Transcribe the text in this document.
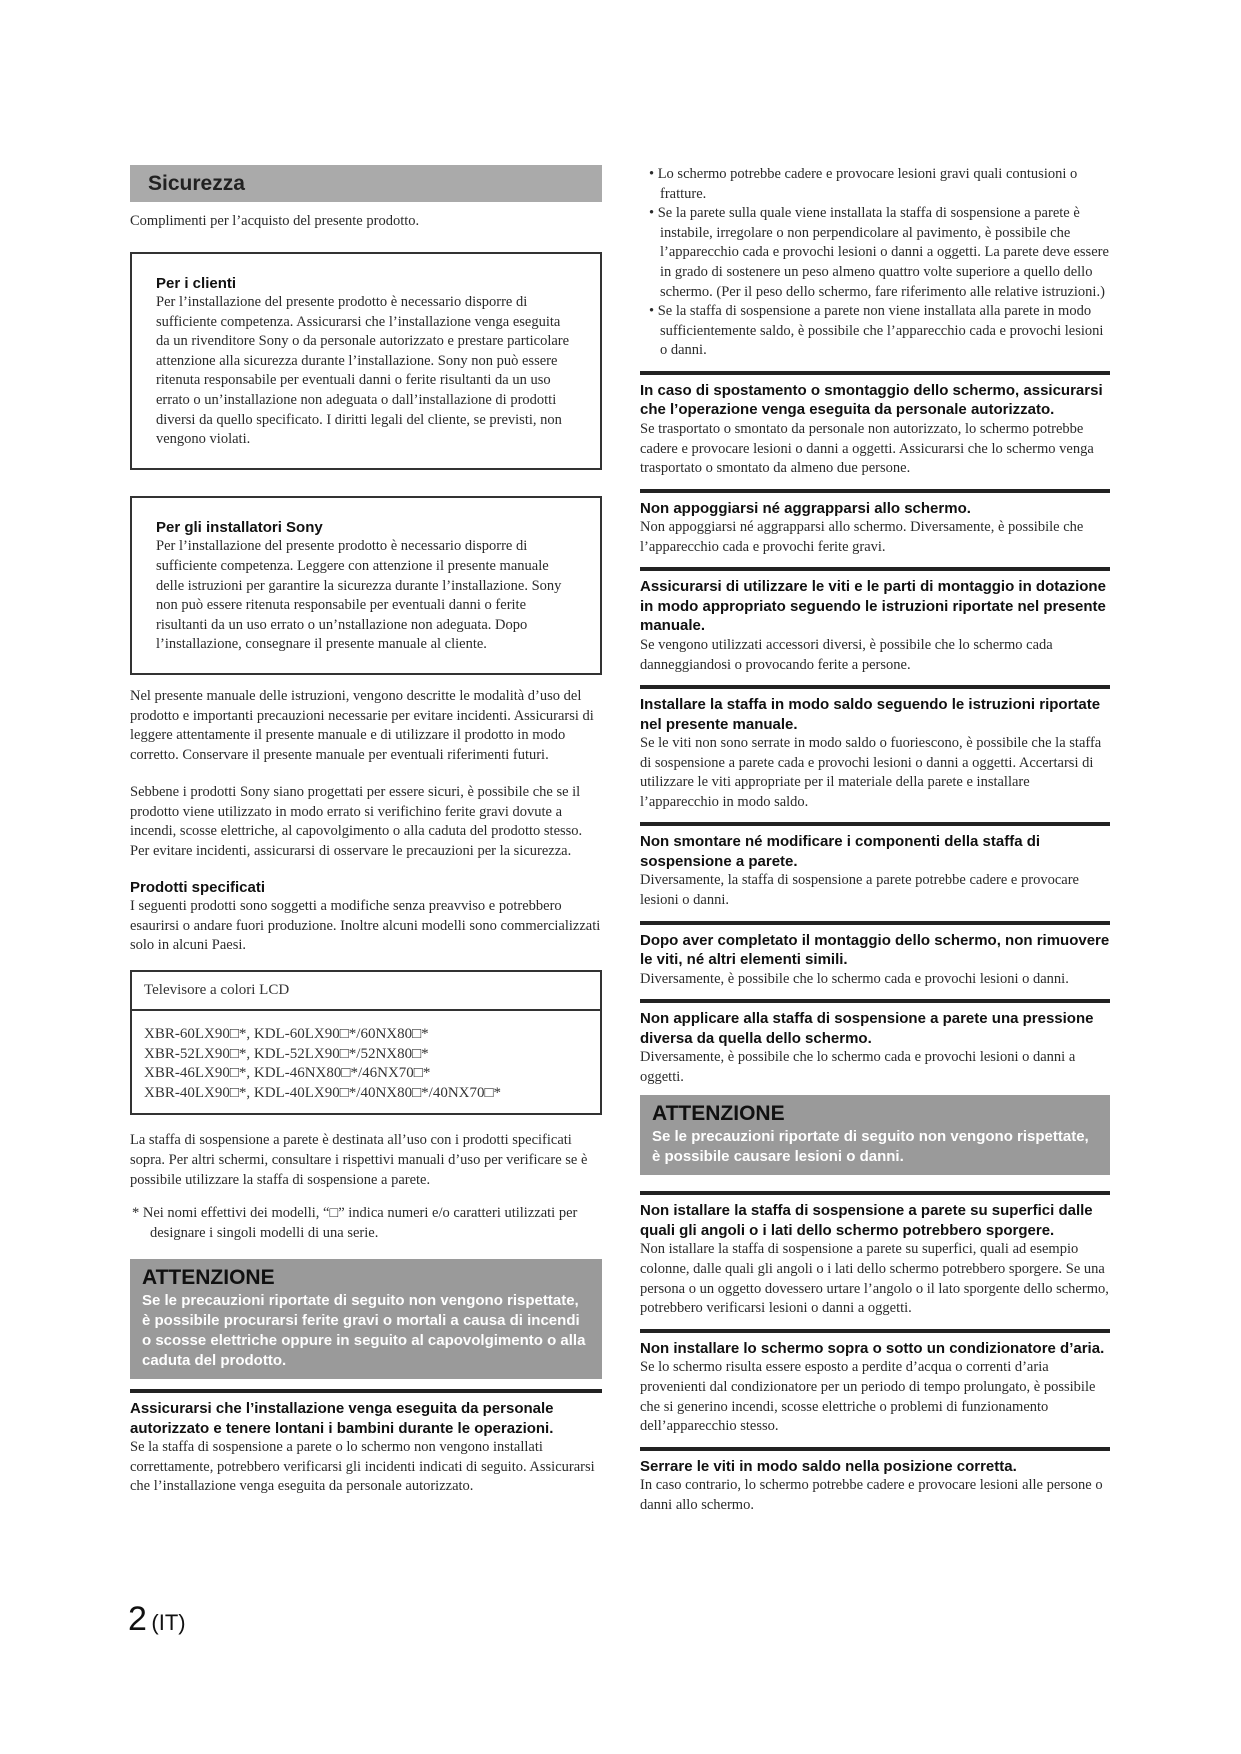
Sicurezza

Complimenti per l’acquisto del presente prodotto.

Per i clienti

Per l’installazione del presente prodotto è necessario disporre di sufficiente competenza. Assicurarsi che l’installazione venga eseguita da un rivenditore Sony o da personale autorizzato e prestare particolare attenzione alla sicurezza durante l’installazione. Sony non può essere ritenuta responsabile per eventuali danni o ferite risultanti da un uso errato o un’installazione non adeguata o dall’installazione di prodotti diversi da quello specificato. I diritti legali del cliente, se previsti, non vengono violati.

Per gli installatori Sony

Per l’installazione del presente prodotto è necessario disporre di sufficiente competenza. Leggere con attenzione il presente manuale delle istruzioni per garantire la sicurezza durante l’installazione. Sony non può essere ritenuta responsabile per eventuali danni o ferite risultanti da un uso errato o un’nstallazione non adeguata. Dopo l’installazione, consegnare il presente manuale al cliente.

Nel presente manuale delle istruzioni, vengono descritte le modalità d’uso del prodotto e importanti precauzioni necessarie per evitare incidenti. Assicurarsi di leggere attentamente il presente manuale e di utilizzare il prodotto in modo corretto. Conservare il presente manuale per eventuali riferimenti futuri.

Sebbene i prodotti Sony siano progettati per essere sicuri, è possibile che se il prodotto viene utilizzato in modo errato si verifichino ferite gravi dovute a incendi, scosse elettriche, al capovolgimento o alla caduta del prodotto stesso. Per evitare incidenti, assicurarsi di osservare le precauzioni per la sicurezza.

Prodotti specificati

I seguenti prodotti sono soggetti a modifiche senza preavviso e potrebbero esaurirsi o andare fuori produzione. Inoltre alcuni modelli sono commercializzati solo in alcuni Paesi.

Televisore a colori LCD
XBR-60LX90□*, KDL-60LX90□*/60NX80□*
XBR-52LX90□*, KDL-52LX90□*/52NX80□*
XBR-46LX90□*, KDL-46NX80□*/46NX70□*
XBR-40LX90□*, KDL-40LX90□*/40NX80□*/40NX70□*

La staffa di sospensione a parete è destinata all’uso con i prodotti specificati sopra. Per altri schermi, consultare i rispettivi manuali d’uso per verificare se è possibile utilizzare la staffa di sospensione a parete.

* Nei nomi effettivi dei modelli, “□” indica numeri e/o caratteri utilizzati per designare i singoli modelli di una serie.

ATTENZIONE
Se le precauzioni riportate di seguito non vengono rispettate, è possibile procurarsi ferite gravi o mortali a causa di incendi o scosse elettriche oppure in seguito al capovolgimento o alla caduta del prodotto.

Assicurarsi che l’installazione venga eseguita da personale autorizzato e tenere lontani i bambini durante le operazioni.

Se la staffa di sospensione a parete o lo schermo non vengono installati correttamente, potrebbero verificarsi gli incidenti indicati di seguito. Assicurarsi che l’installazione venga eseguita da personale autorizzato.

• Lo schermo potrebbe cadere e provocare lesioni gravi quali contusioni o fratture.

• Se la parete sulla quale viene installata la staffa di sospensione a parete è instabile, irregolare o non perpendicolare al pavimento, è possibile che l’apparecchio cada e provochi lesioni o danni a oggetti. La parete deve essere in grado di sostenere un peso almeno quattro volte superiore a quello dello schermo. (Per il peso dello schermo, fare riferimento alle relative istruzioni.)

• Se la staffa di sospensione a parete non viene installata alla parete in modo sufficientemente saldo, è possibile che l’apparecchio cada e provochi lesioni o danni.

In caso di spostamento o smontaggio dello schermo, assicurarsi che l’operazione venga eseguita da personale autorizzato.

Se trasportato o smontato da personale non autorizzato, lo schermo potrebbe cadere e provocare lesioni o danni a oggetti. Assicurarsi che lo schermo venga trasportato o smontato da almeno due persone.

Non appoggiarsi né aggrapparsi allo schermo.

Non appoggiarsi né aggrapparsi allo schermo. Diversamente, è possibile che l’apparecchio cada e provochi ferite gravi.

Assicurarsi di utilizzare le viti e le parti di montaggio in dotazione in modo appropriato seguendo le istruzioni riportate nel presente manuale.

Se vengono utilizzati accessori diversi, è possibile che lo schermo cada danneggiandosi o provocando ferite a persone.

Installare la staffa in modo saldo seguendo le istruzioni riportate nel presente manuale.

Se le viti non sono serrate in modo saldo o fuoriescono, è possibile che la staffa di sospensione a parete cada e provochi lesioni o danni a oggetti. Accertarsi di utilizzare le viti appropriate per il materiale della parete e installare l’apparecchio in modo saldo.

Non smontare né modificare i componenti della staffa di sospensione a parete.

Diversamente, la staffa di sospensione a parete potrebbe cadere e provocare lesioni o danni.

Dopo aver completato il montaggio dello schermo, non rimuovere le viti, né altri elementi simili.

Diversamente, è possibile che lo schermo cada e provochi lesioni o danni.

Non applicare alla staffa di sospensione a parete una pressione diversa da quella dello schermo.

Diversamente, è possibile che lo schermo cada e provochi lesioni o danni a oggetti.

ATTENZIONE
Se le precauzioni riportate di seguito non vengono rispettate, è possibile causare lesioni o danni.

Non istallare la staffa di sospensione a parete su superfici dalle quali gli angoli o i lati dello schermo potrebbero sporgere.

Non istallare la staffa di sospensione a parete su superfici, quali ad esempio colonne, dalle quali gli angoli o i lati dello schermo potrebbero sporgere. Se una persona o un oggetto dovessero urtare l’angolo o il lato sporgente dello schermo, potrebbero verificarsi lesioni o danni a oggetti.

Non installare lo schermo sopra o sotto un condizionatore d’aria.

Se lo schermo risulta essere esposto a perdite d’acqua o correnti d’aria provenienti dal condizionatore per un periodo di tempo prolungato, è possibile che si generino incendi, scosse elettriche o problemi di funzionamento dell’apparecchio stesso.

Serrare le viti in modo saldo nella posizione corretta.

In caso contrario, lo schermo potrebbe cadere e provocare lesioni alle persone o danni allo schermo.

2 (IT)
